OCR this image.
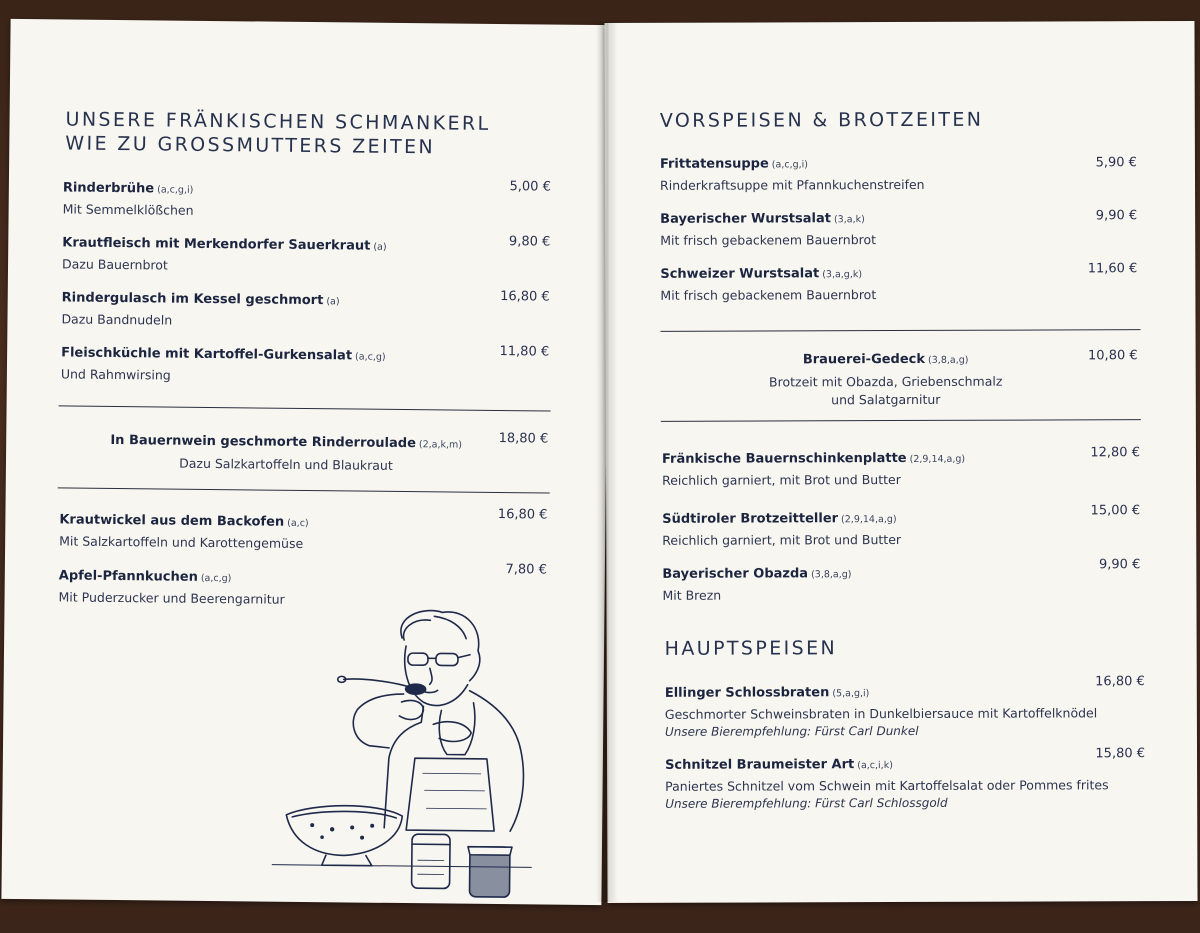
UNSERE FRÄNKISCHEN SCHMANKERL
WIE ZU GROSSMUTTERS ZEITEN
Rinderbrühe (a,c,g,i)
Mit Semmelklößchen
5,00 €
Krautfleisch mit Merkendorfer Sauerkraut (a)
Dazu Bauernbrot
9,80 €
Rindergulasch im Kessel geschmort (a)
Dazu Bandnudeln
16,80 €
Fleischküchle mit Kartoffel-Gurkensalat (a,c,g)
Und Rahmwirsing
11,80 €
In Bauernwein geschmorte Rinderroulade (2,a,k,m)
Dazu Salzkartoffeln und Blaukraut
18,80 €
Krautwickel aus dem Backofen (a,c)
Mit Salzkartoffeln und Karottengemüse
16,80 €
Apfel-Pfannkuchen (a,c,g)
Mit Puderzucker und Beerengarnitur
7,80 €
VORSPEISEN & BROTZEITEN
Frittatensuppe (a,c,g,i)
Rinderkraftsuppe mit Pfannkuchenstreifen
5,90 €
Bayerischer Wurstsalat (3,a,k)
Mit frisch gebackenem Bauernbrot
9,90 €
Schweizer Wurstsalat (3,a,g,k)
Mit frisch gebackenem Bauernbrot
11,60 €
Brauerei-Gedeck (3,8,a,g)
Brotzeit mit Obazda, Griebenschmalz
und Salatgarnitur
10,80 €
Fränkische Bauernschinkenplatte (2,9,14,a,g)
Reichlich garniert, mit Brot und Butter
12,80 €
Südtiroler Brotzeitteller (2,9,14,a,g)
Reichlich garniert, mit Brot und Butter
15,00 €
Bayerischer Obazda (3,8,a,g)
Mit Brezn
9,90 €
HAUPTSPEISEN
Ellinger Schlossbraten (5,a,g,i)
Geschmorter Schweinsbraten in Dunkelbiersauce mit Kartoffelknödel
Unsere Bierempfehlung: Fürst Carl Dunkel
16,80 €
Schnitzel Braumeister Art (a,c,i,k)
Paniertes Schnitzel vom Schwein mit Kartoffelsalat oder Pommes frites
Unsere Bierempfehlung: Fürst Carl Schlossgold
15,80 €
